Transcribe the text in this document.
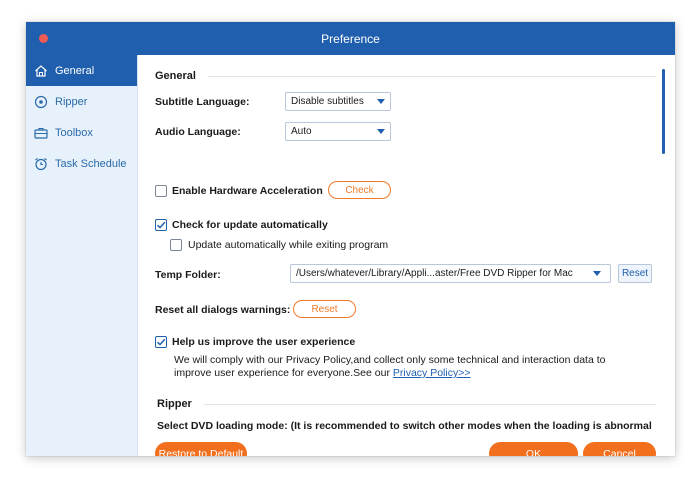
Preference
General
Ripper
Toolbox
Task Schedule
General
Subtitle Language:	Disable subtitles
Audio Language:	Auto
Enable Hardware Acceleration	Check
Check for update automatically
Update automatically while exiting program
Temp Folder:	/Users/whatever/Library/Appli...aster/Free DVD Ripper for Mac	Reset
Reset all dialogs warnings:	Reset
Help us improve the user experience
We will comply with our Privacy Policy,and collect only some technical and interaction data to
improve user experience for everyone.See our Privacy Policy>>
Ripper
Select DVD loading mode: (It is recommended to switch other modes when the loading is abnormal
Restore to Default	OK	Cancel
